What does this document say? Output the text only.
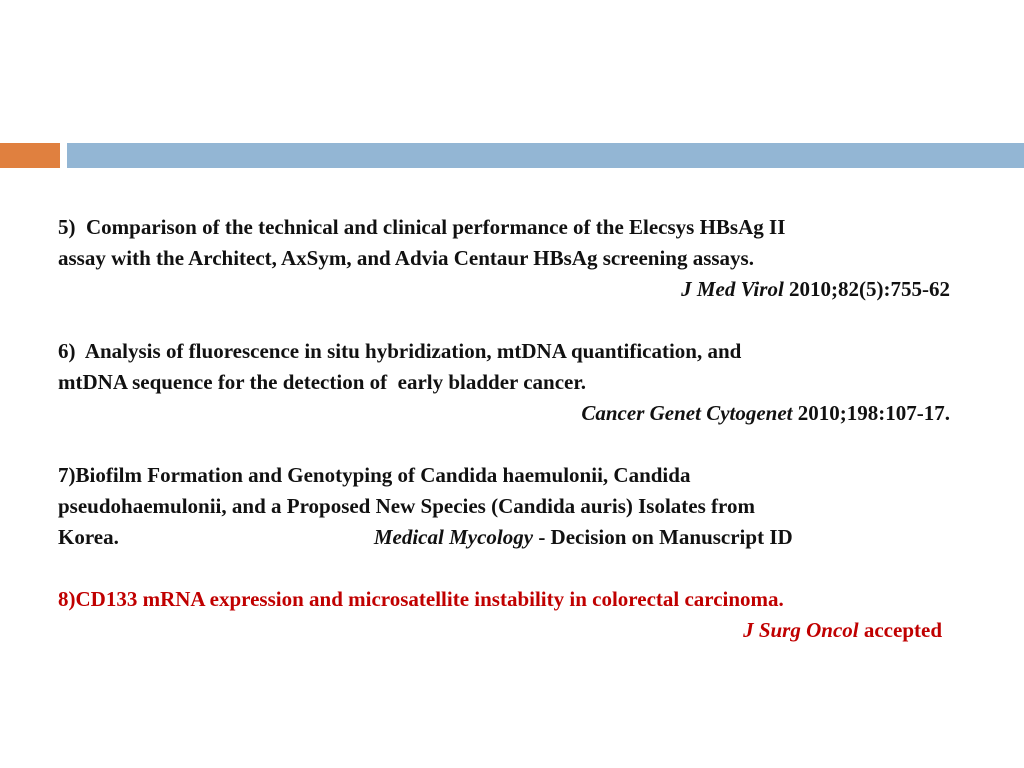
5)  Comparison of the technical and clinical performance of the Elecsys HBsAg II
assay with the Architect, AxSym, and Advia Centaur HBsAg screening assays.
J Med Virol 2010;82(5):755-62
6)  Analysis of fluorescence in situ hybridization, mtDNA quantification, and
mtDNA sequence for the detection of  early bladder cancer.
Cancer Genet Cytogenet 2010;198:107-17.
7)Biofilm Formation and Genotyping of Candida haemulonii, Candida
pseudohaemulonii, and a Proposed New Species (Candida auris) Isolates from
Korea.	Medical Mycology - Decision on Manuscript ID
8)CD133 mRNA expression and microsatellite instability in colorectal carcinoma.
J Surg Oncol accepted
